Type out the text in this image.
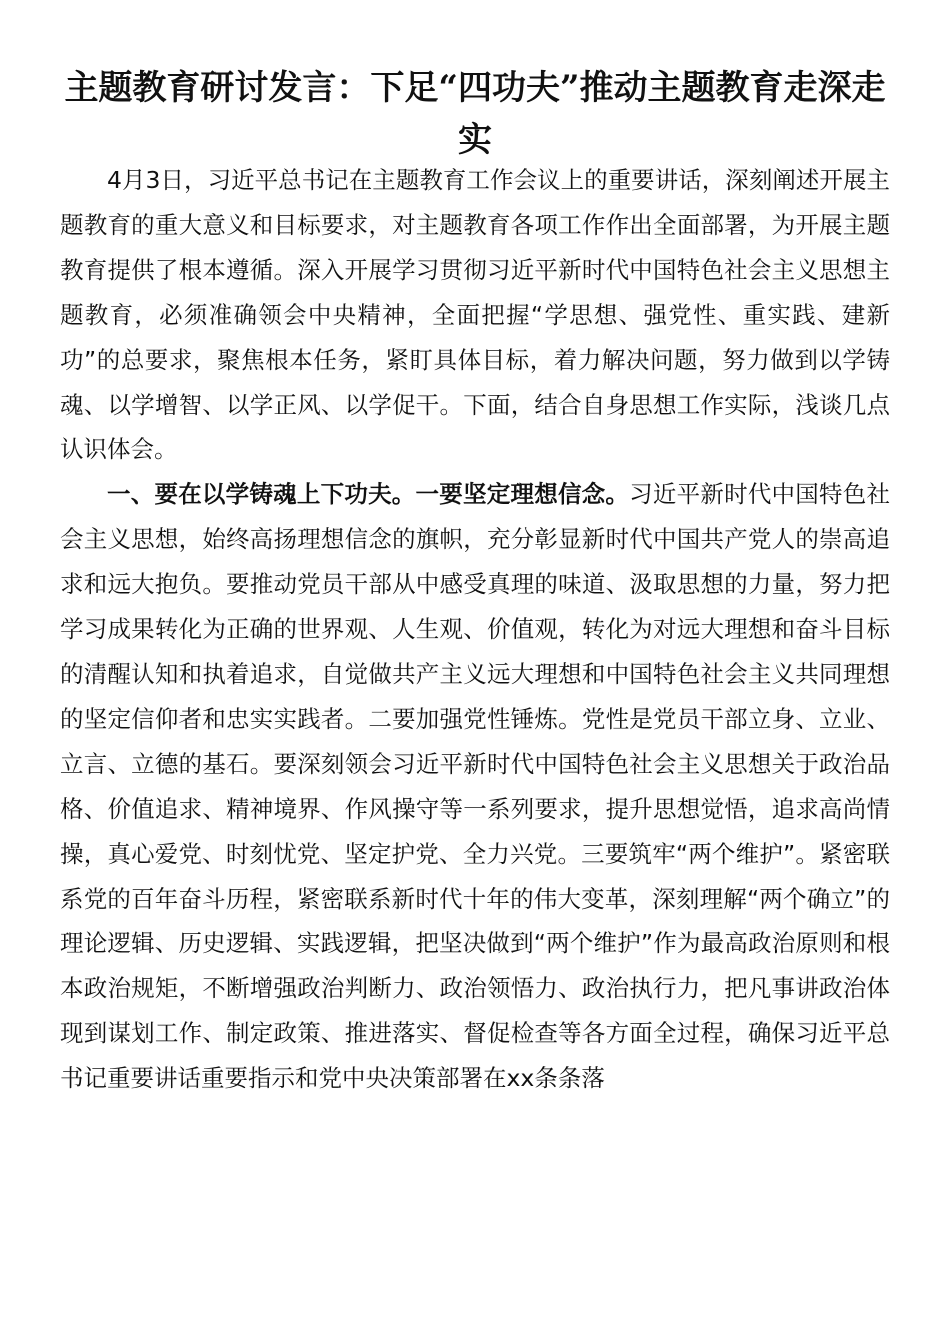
主题教育研讨发言：下足“四功夫”推动主题教育走深走实

4月3日，习近平总书记在主题教育工作会议上的重要讲话，深刻阐述开展主题教育的重大意义和目标要求，对主题教育各项工作作出全面部署，为开展主题教育提供了根本遵循。深入开展学习贯彻习近平新时代中国特色社会主义思想主题教育，必须准确领会中央精神，全面把握“学思想、强党性、重实践、建新功”的总要求，聚焦根本任务，紧盯具体目标，着力解决问题，努力做到以学铸魂、以学增智、以学正风、以学促干。下面，结合自身思想工作实际，浅谈几点认识体会。

一、要在以学铸魂上下功夫。一要坚定理想信念。习近平新时代中国特色社会主义思想，始终高扬理想信念的旗帜，充分彰显新时代中国共产党人的崇高追求和远大抱负。要推动党员干部从中感受真理的味道、汲取思想的力量，努力把学习成果转化为正确的世界观、人生观、价值观，转化为对远大理想和奋斗目标的清醒认知和执着追求，自觉做共产主义远大理想和中国特色社会主义共同理想的坚定信仰者和忠实实践者。二要加强党性锤炼。党性是党员干部立身、立业、立言、立德的基石。要深刻领会习近平新时代中国特色社会主义思想关于政治品格、价值追求、精神境界、作风操守等一系列要求，提升思想觉悟，追求高尚情操，真心爱党、时刻忧党、坚定护党、全力兴党。三要筑牢“两个维护”。紧密联系党的百年奋斗历程，紧密联系新时代十年的伟大变革，深刻理解“两个确立”的理论逻辑、历史逻辑、实践逻辑，把坚决做到“两个维护”作为最高政治原则和根本政治规矩，不断增强政治判断力、政治领悟力、政治执行力，把凡事讲政治体现到谋划工作、制定政策、推进落实、督促检查等各方面全过程，确保习近平总书记重要讲话重要指示和党中央决策部署在xx条条落
